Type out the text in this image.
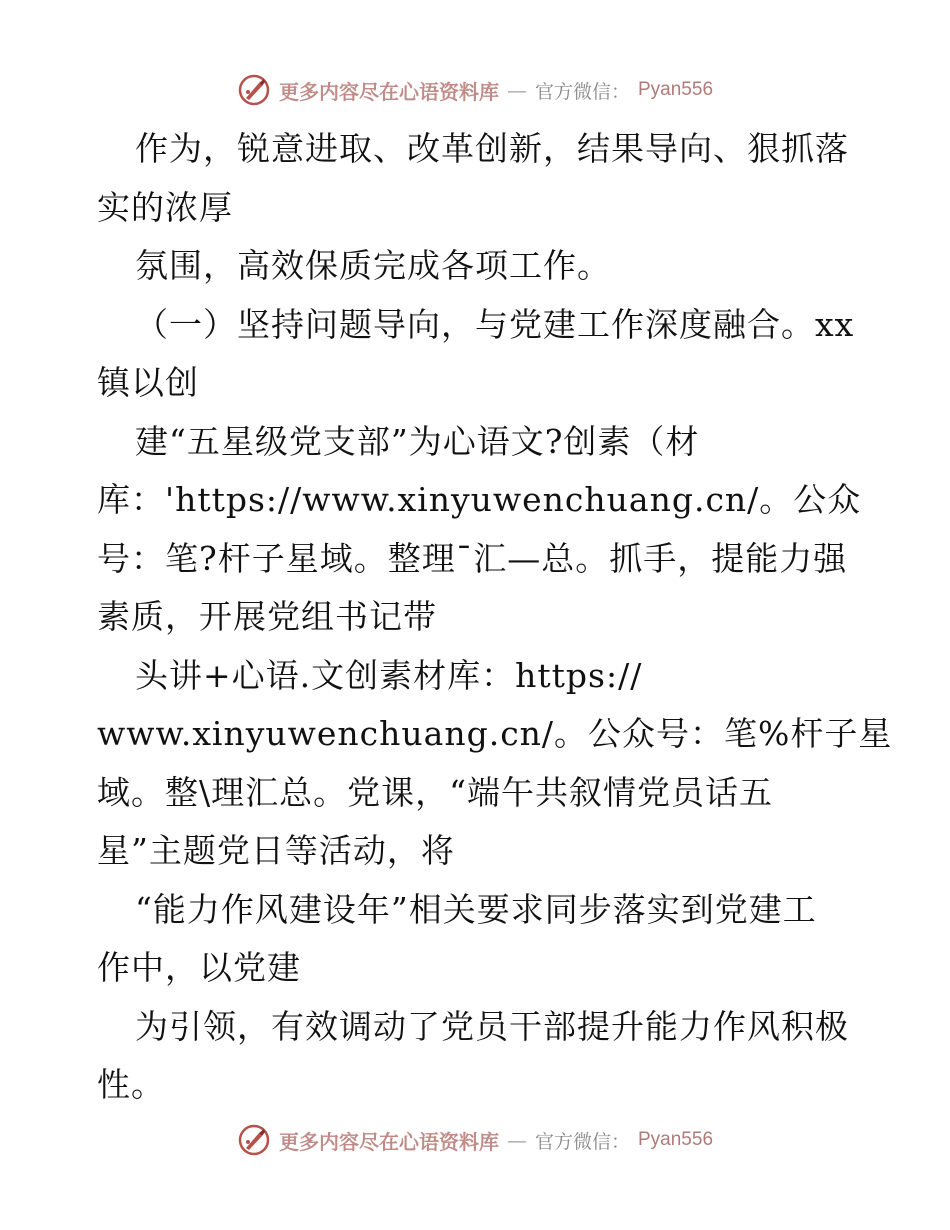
更多内容尽在心语资料库 — 官方微信： Pyan556
作为，锐意进取、改革创新，结果导向、狠抓落
实的浓厚
氛围，高效保质完成各项工作。
（一）坚持问题导向，与党建工作深度融合。xx
镇以创
建“五星级党支部”为心语文?创素（材
库：'https://www.xinyuwenchuang.cn/。公众
号：笔?杆子星域。整理¯汇—总。抓手，提能力强
素质，开展党组书记带
头讲+心语.文创素材库：https://
www.xinyuwenchuang.cn/。公众号：笔%杆子星
域。整\理汇总。党课，“端午共叙情党员话五
星”主题党日等活动，将
“能力作风建设年”相关要求同步落实到党建工
作中，以党建
为引领，有效调动了党员干部提升能力作风积极
性。
更多内容尽在心语资料库 — 官方微信： Pyan556
